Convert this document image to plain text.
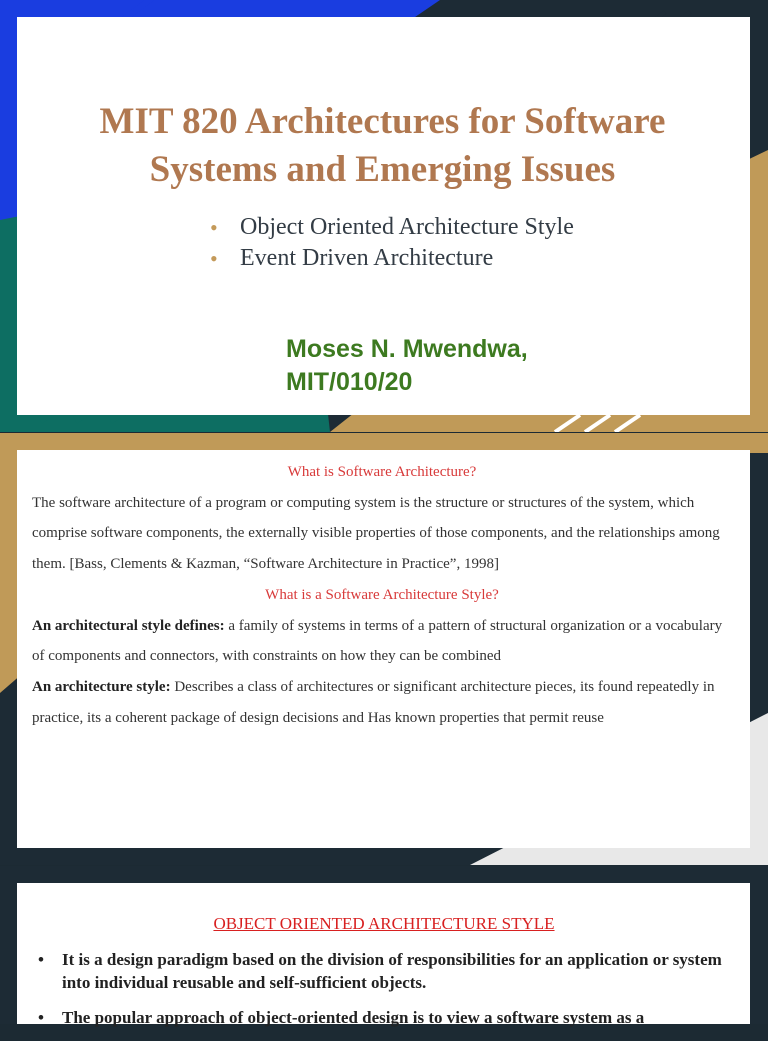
MIT 820 Architectures for Software
Systems and Emerging Issues
• Object Oriented Architecture Style
• Event Driven Architecture

Moses N. Mwendwa,
MIT/010/20

What is Software Architecture?

The software architecture of a program or computing system is the structure or structures of the system, which comprise software components, the externally visible properties of those components, and the relationships among them. [Bass, Clements & Kazman, “Software Architecture in Practice”, 1998]

What is a Software Architecture Style?

An architectural style defines: a family of systems in terms of a pattern of structural organization or a vocabulary of components and connectors, with constraints on how they can be combined

An architecture style: Describes a class of architectures or significant architecture pieces, its found repeatedly in practice, its a coherent package of design decisions and Has known properties that permit reuse

OBJECT ORIENTED ARCHITECTURE STYLE

• It is a design paradigm based on the division of responsibilities for an application or system into individual reusable and self-sufficient objects.
• The popular approach of object-oriented design is to view a software system as a
